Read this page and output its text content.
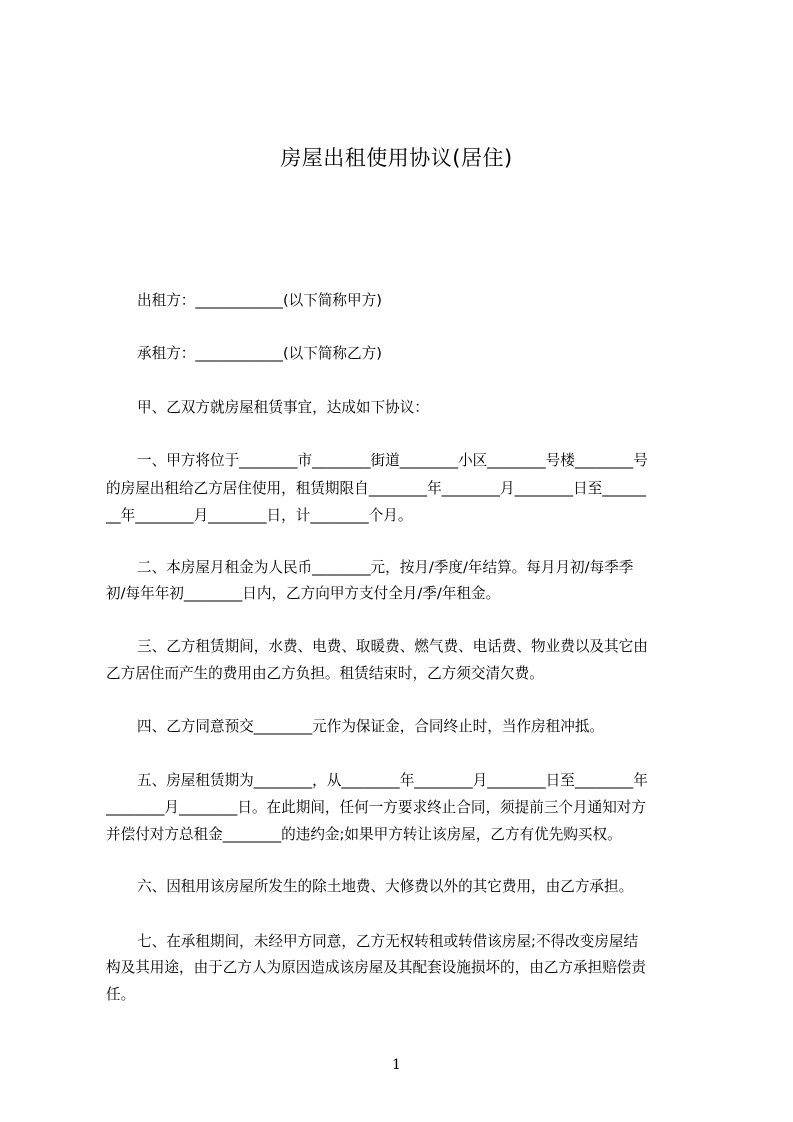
房屋出租使用协议(居住)
出租方：____________(以下简称甲方)
承租方：____________(以下简称乙方)
甲、乙双方就房屋租赁事宜，达成如下协议：
一、甲方将位于________市________街道________小区________号楼________号
的房屋出租给乙方居住使用，租赁期限自________年________月________日至______
__年________月________日，计________个月。
二、本房屋月租金为人民币________元，按月/季度/年结算。每月月初/每季季
初/每年年初________日内，乙方向甲方支付全月/季/年租金。
三、乙方租赁期间，水费、电费、取暖费、燃气费、电话费、物业费以及其它由
乙方居住而产生的费用由乙方负担。租赁结束时，乙方须交清欠费。
四、乙方同意预交________元作为保证金，合同终止时，当作房租冲抵。
五、房屋租赁期为________，从________年________月________日至________年
________月________日。在此期间，任何一方要求终止合同，须提前三个月通知对方
并偿付对方总租金________的违约金;如果甲方转让该房屋，乙方有优先购买权。
六、因租用该房屋所发生的除土地费、大修费以外的其它费用，由乙方承担。
七、在承租期间，未经甲方同意，乙方无权转租或转借该房屋;不得改变房屋结
构及其用途，由于乙方人为原因造成该房屋及其配套设施损坏的，由乙方承担赔偿责
任。
1
